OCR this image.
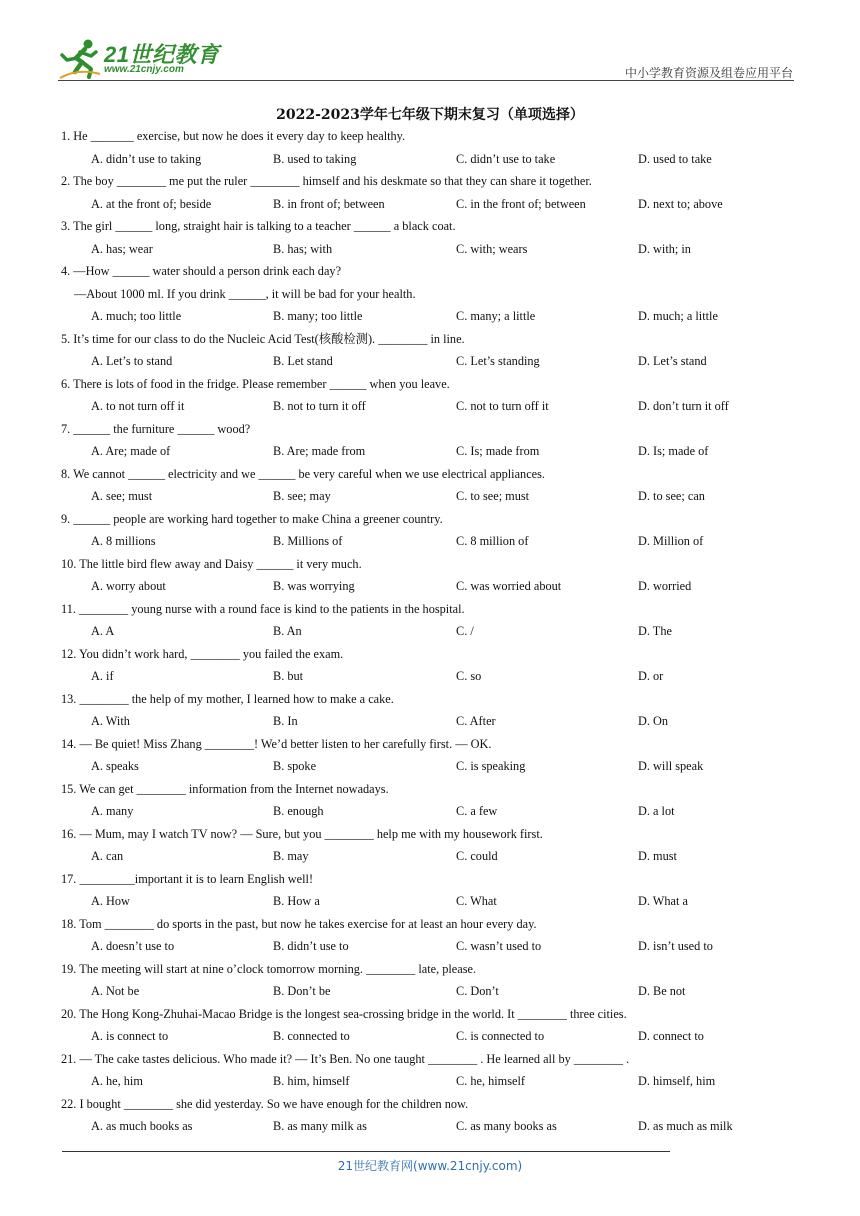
21世纪教育
www.21cnjy.com	中小学教育资源及组卷应用平台
2022-2023学年七年级下期末复习（单项选择）
1. He _______ exercise, but now he does it every day to keep healthy.
A. didn’t use to taking	B. used to taking	C. didn’t use to take	D. used to take
2. The boy ________ me put the ruler ________ himself and his deskmate so that they can share it together.
A. at the front of; beside	B. in front of; between	C. in the front of; between	D. next to; above
3. The girl ______ long, straight hair is talking to a teacher ______ a black coat.
A. has; wear	B. has; with	C. with; wears	D. with; in
4. —How ______ water should a person drink each day?
—About 1000 ml. If you drink ______, it will be bad for your health.
A. much; too little	B. many; too little	C. many; a little	D. much; a little
5. It’s time for our class to do the Nucleic Acid Test(核酸检测). ________ in line.
A. Let’s to stand	B. Let stand	C. Let’s standing	D. Let’s stand
6. There is lots of food in the fridge. Please remember ______ when you leave.
A. to not turn off it	B. not to turn it off	C. not to turn off it	D. don’t turn it off
7. ______ the furniture ______ wood?
A. Are; made of	B. Are; made from	C. Is; made from	D. Is; made of
8. We cannot ______ electricity and we ______ be very careful when we use electrical appliances.
A. see; must	B. see; may	C. to see; must	D. to see; can
9. ______ people are working hard together to make China a greener country.
A. 8 millions	B. Millions of	C. 8 million of	D. Million of
10. The little bird flew away and Daisy ______ it very much.
A. worry about	B. was worrying	C. was worried about	D. worried
11. ________ young nurse with a round face is kind to the patients in the hospital.
A. A	B. An	C. /	D. The
12. You didn’t work hard, ________ you failed the exam.
A. if	B. but	C. so	D. or
13. ________ the help of my mother, I learned how to make a cake.
A. With	B. In	C. After	D. On
14. — Be quiet! Miss Zhang ________! We’d better listen to her carefully first. — OK.
A. speaks	B. spoke	C. is speaking	D. will speak
15. We can get ________ information from the Internet nowadays.
A. many	B. enough	C. a few	D. a lot
16. — Mum, may I watch TV now? — Sure, but you ________ help me with my housework first.
A. can	B. may	C. could	D. must
17. _________important it is to learn English well!
A. How	B. How a	C. What	D. What a
18. Tom ________ do sports in the past, but now he takes exercise for at least an hour every day.
A. doesn’t use to	B. didn’t use to	C. wasn’t used to	D. isn’t used to
19. The meeting will start at nine o’clock tomorrow morning. ________ late, please.
A. Not be	B. Don’t be	C. Don’t	D. Be not
20. The Hong Kong-Zhuhai-Macao Bridge is the longest sea-crossing bridge in the world. It ________ three cities.
A. is connect to	B. connected to	C. is connected to	D. connect to
21. — The cake tastes delicious. Who made it? — It’s Ben. No one taught ________ . He learned all by ________ .
A. he, him	B. him, himself	C. he, himself	D. himself, him
22. I bought ________ she did yesterday. So we have enough for the children now.
A. as much books as	B. as many milk as	C. as many books as	D. as much as milk
21世纪教育网(www.21cnjy.com)
